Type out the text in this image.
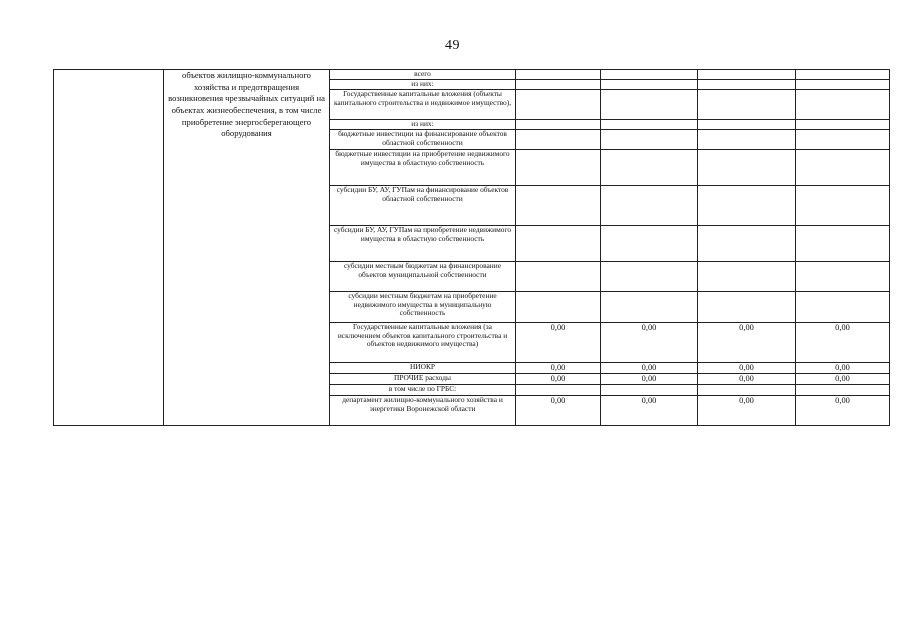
49
	объектов жилищно-коммунального хозяйства и предотвращения возникновения чрезвычайных ситуаций на объектах жизнеобеспечения, в том числе приобретение энергосберегающего оборудования	всего				
		из них:				
		Государственные капитальные вложения (объекты капитального строительства и недвижимое имущество),				
		из них:				
		бюджетные инвестиции на финансирование объектов областной собственности				
		бюджетные инвестиции на приобретение недвижимого имущества в областную собственность				
		субсидии БУ, АУ, ГУПам на финансирование объектов областной собственности				
		субсидии БУ, АУ, ГУПам на приобретение недвижимого имущества в областную собственность				
		субсидии местным бюджетам на финансирование объектов муниципальной собственности				
		субсидии местным бюджетам на приобретение недвижимого имущества в муниципальную собственность				
		Государственные капитальные вложения (за исключением объектов капитального строительства и объектов недвижимого имущества)	0,00	0,00	0,00	0,00
		НИОКР	0,00	0,00	0,00	0,00
		ПРОЧИЕ расходы	0,00	0,00	0,00	0,00
		в том числе по ГРБС:				
		департамент жилищно-коммунального хозяйства и энергетики Воронежской области	0,00	0,00	0,00	0,00
